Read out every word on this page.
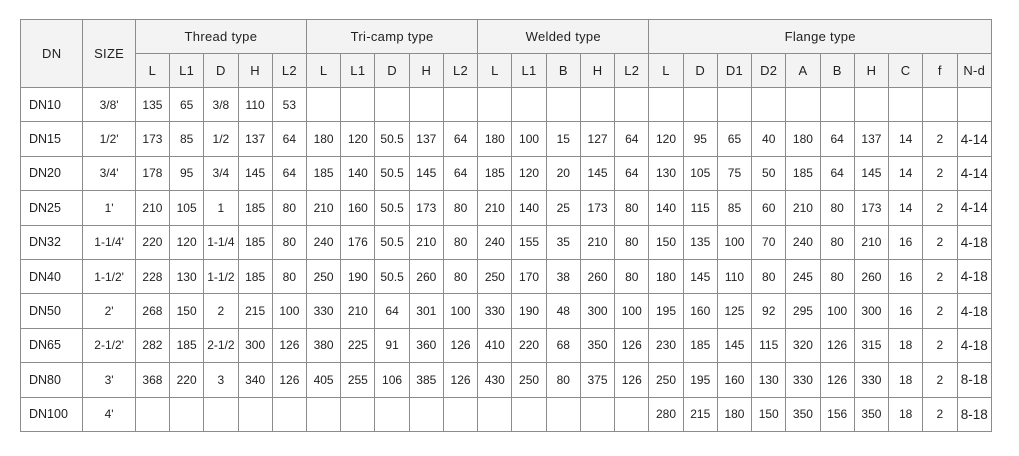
DN	SIZE	Thread type					Tri-camp type					Welded type					Flange type									
		L	L1	D	H	L2	L	L1	D	H	L2	L	L1	B	H	L2	L	D	D1	D2	A	B	H	C	f	N-d
DN10	3/8'	135	65	3/8	110	53																				
DN15	1/2'	173	85	1/2	137	64	180	120	50.5	137	64	180	100	15	127	64	120	95	65	40	180	64	137	14	2	4-14
DN20	3/4'	178	95	3/4	145	64	185	140	50.5	145	64	185	120	20	145	64	130	105	75	50	185	64	145	14	2	4-14
DN25	1'	210	105	1	185	80	210	160	50.5	173	80	210	140	25	173	80	140	115	85	60	210	80	173	14	2	4-14
DN32	1-1/4'	220	120	1-1/4	185	80	240	176	50.5	210	80	240	155	35	210	80	150	135	100	70	240	80	210	16	2	4-18
DN40	1-1/2'	228	130	1-1/2	185	80	250	190	50.5	260	80	250	170	38	260	80	180	145	110	80	245	80	260	16	2	4-18
DN50	2'	268	150	2	215	100	330	210	64	301	100	330	190	48	300	100	195	160	125	92	295	100	300	16	2	4-18
DN65	2-1/2'	282	185	2-1/2	300	126	380	225	91	360	126	410	220	68	350	126	230	185	145	115	320	126	315	18	2	4-18
DN80	3'	368	220	3	340	126	405	255	106	385	126	430	250	80	375	126	250	195	160	130	330	126	330	18	2	8-18
DN100	4'																280	215	180	150	350	156	350	18	2	8-18
